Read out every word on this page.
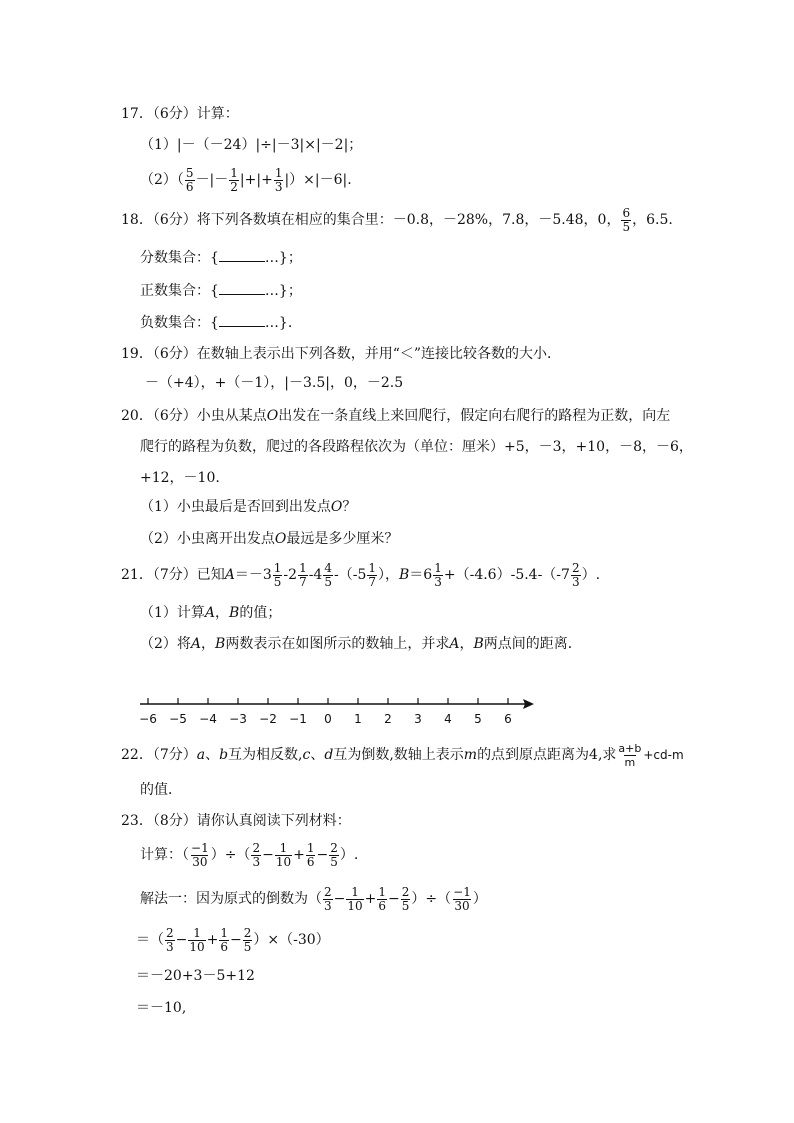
17．（6分）计算：
（1）|－（－24）|÷|－3|×|－2|；
$(2)( \frac{5}{6}$ －|－ $\frac{1}{2}$ |+|+ $\frac{1}{3} |)\times|-6|$.
18．（6分）将下列各数填在相应的集合里：－0.8，－28%，7.8，－5.48，0， $\frac{6}{5}$ ，6.5.
分数集合：{	…}；
正数集合：{	…}；
负数集合：{	…}.
19．（6分）在数轴上表示出下列各数，并用“＜”连接比较各数的大小．
－（+4），+（－1），|－3.5|，0，－2.5
20．（6分）小虫从某点O出发在一条直线上来回爬行，假定向右爬行的路程为正数，向左
爬行的路程为负数，爬过的各段路程依次为（单位：厘米）+5，－3，+10，－8，－6，
+12，－10.
（1）小虫最后是否回到出发点O？
（2）小虫离开出发点O最远是多少厘米？
21．（7分）已知$A=-3 \frac{1}{5} -2 \frac{1}{7} -4 \frac{4}{5} -(-5 \frac{1}{7}$ ），$B=6 \frac{1}{3} +(-4.6)-5.4-(-7 \frac{2}{3}$ ）.
（1）计算A，B的值；
（2）将A，B两数表示在如图所示的数轴上，并求A，B两点间的距离．
−6 −5 −4 −3 −2 −1 0 1 2 3 4 5 6
22．（7分）a、b互为相反数,c、d互为倒数,数轴上表示m的点到原点距离为4,求 $\frac{a+b}{m} +cd-m$
的值．
23．（8分）请你认真阅读下列材料：
计算：（ $\frac{-1}{30}$ ）÷（ $\frac{2}{3} - \frac{1}{10} + \frac{1}{6} - \frac{2}{5}$ ）.
解法一：因为原式的倒数为（ $\frac{2}{3} - \frac{1}{10} + \frac{1}{6} - \frac{2}{5}$ ）÷（ $\frac{-1}{30}$ ）
＝（ $\frac{2}{3} - \frac{1}{10} + \frac{1}{6} - \frac{2}{5} )\times(-30)$
＝－20+3－5+12
＝－10,
